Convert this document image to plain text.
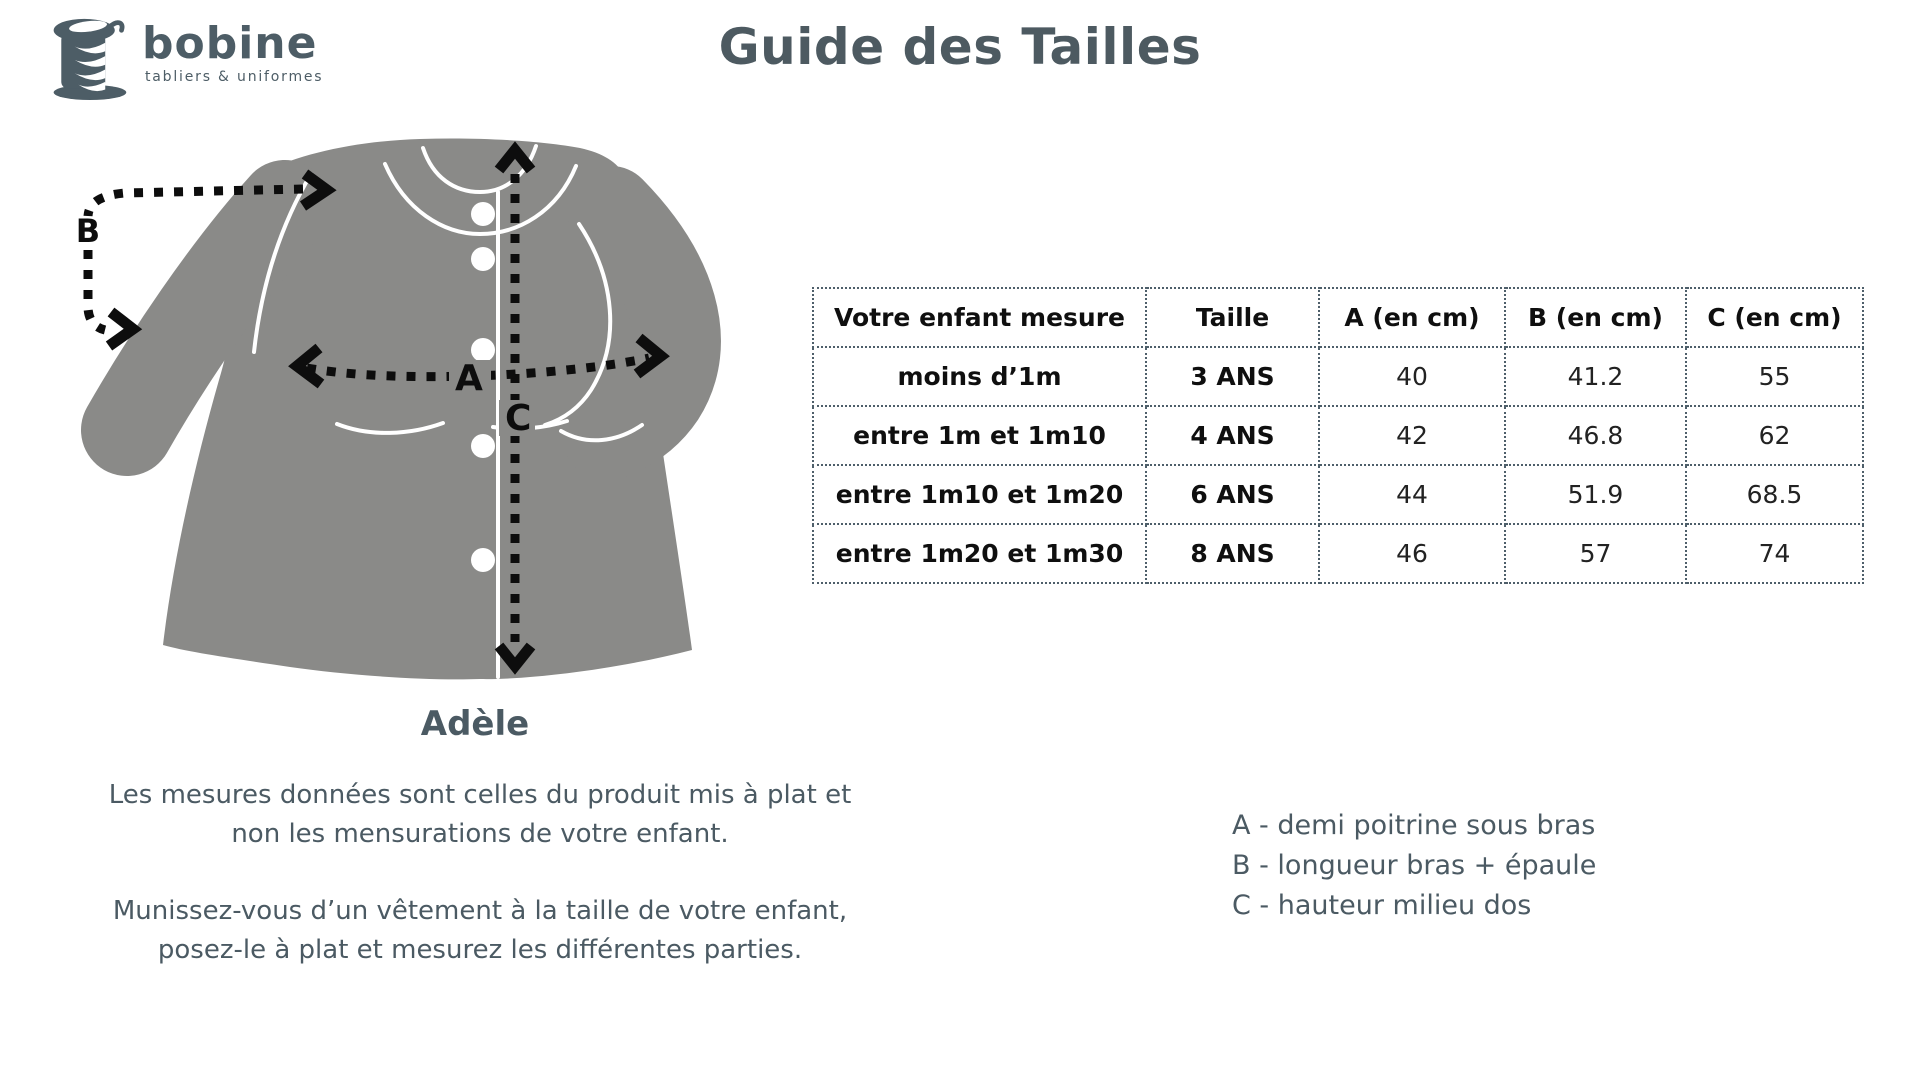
bobine
tabliers & uniformes
Guide des Tailles
C
A
B
Adèle
Les mesures données sont celles du produit mis à plat et
non les mensurations de votre enfant.
Munissez-vous d’un vêtement à la taille de votre enfant,
posez-le à plat et mesurez les différentes parties.
Votre enfant mesure	Taille	A (en cm)	B (en cm)	C (en cm)
moins d’1m	3 ANS	40	41.2	55
entre 1m et 1m10	4 ANS	42	46.8	62
entre 1m10 et 1m20	6 ANS	44	51.9	68.5
entre 1m20 et 1m30	8 ANS	46	57	74
A - demi poitrine sous bras
B - longueur bras + épaule
C - hauteur milieu dos
